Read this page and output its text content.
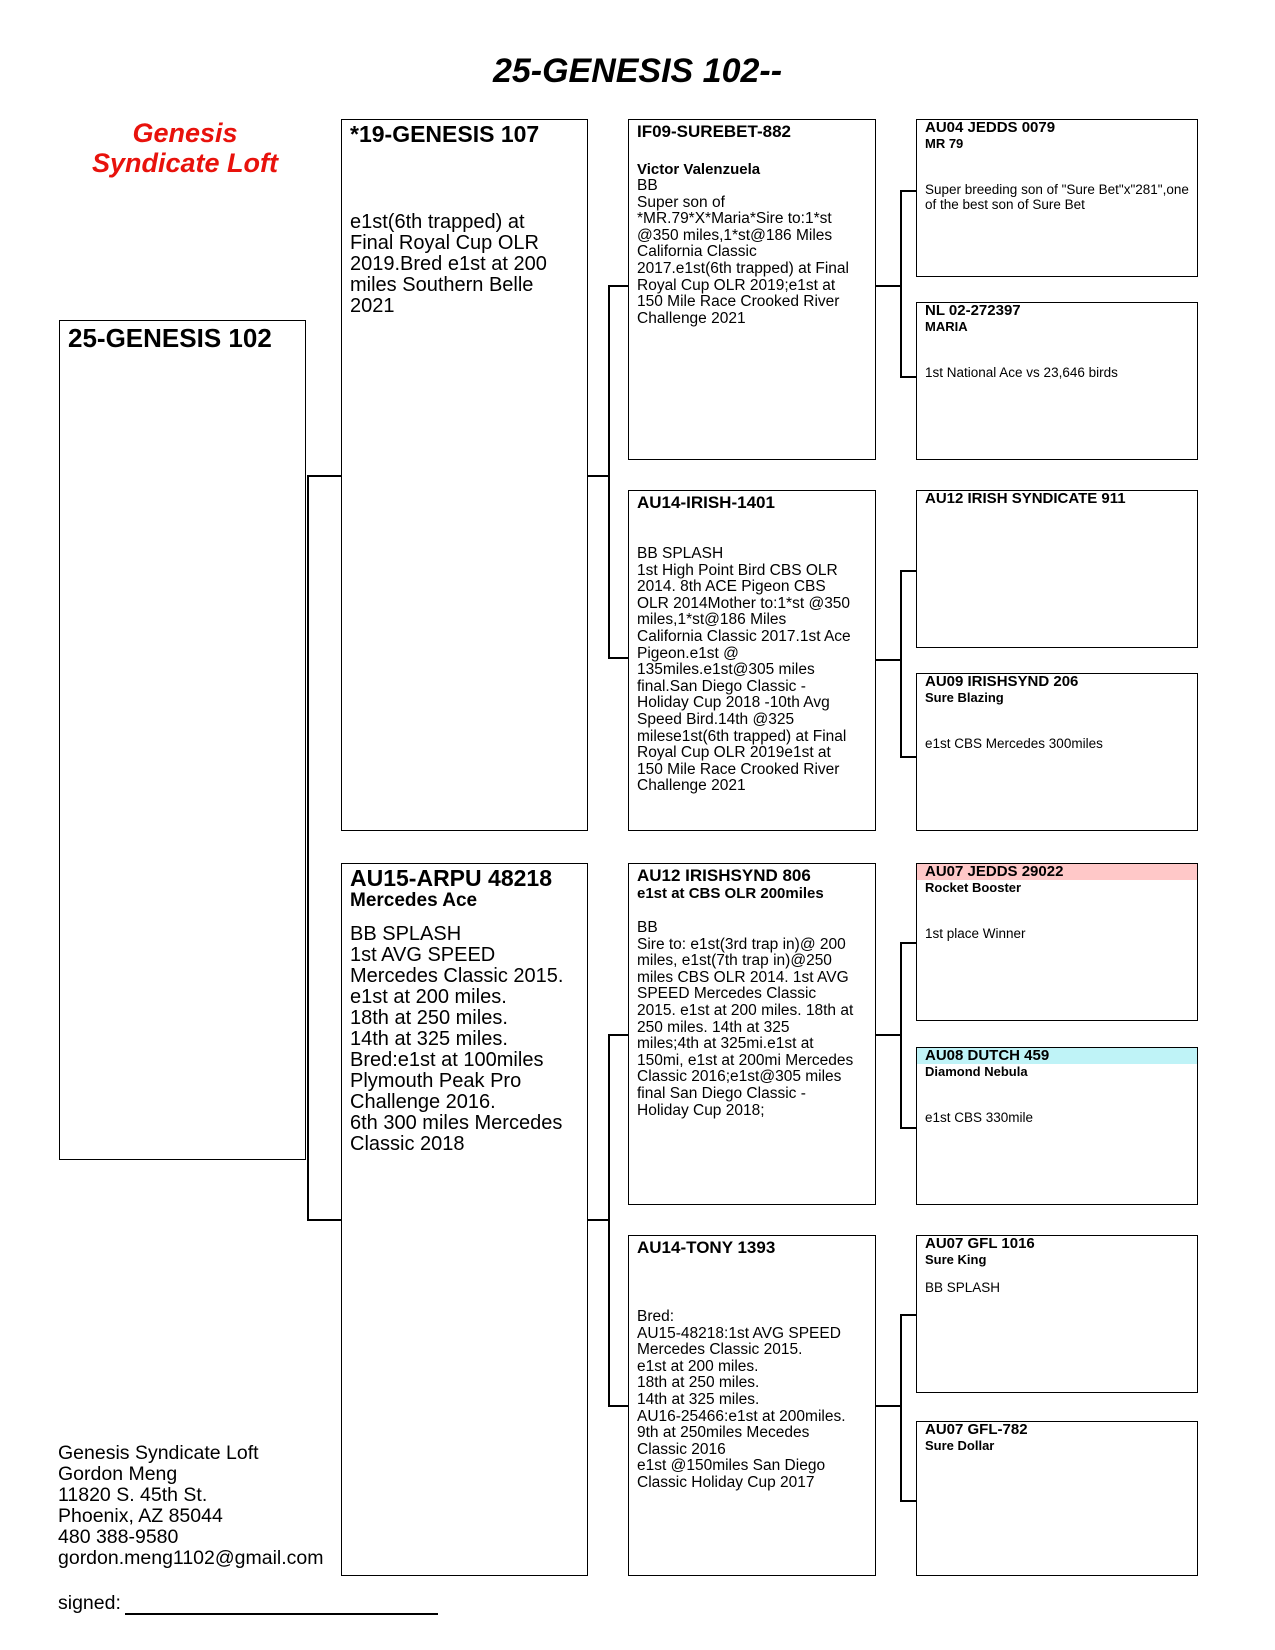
25-GENESIS 102--
Genesis
Syndicate Loft
25-GENESIS 102
*19-GENESIS 107
e1st(6th trapped) at
Final Royal Cup OLR
2019.Bred e1st at 200
miles Southern Belle
2021
AU15-ARPU 48218
Mercedes Ace
BB SPLASH
1st AVG SPEED
Mercedes Classic 2015.
e1st at 200 miles.
18th at 250 miles.
14th at 325 miles.
Bred:e1st at 100miles
Plymouth Peak Pro
Challenge 2016.
6th 300 miles Mercedes
Classic 2018
IF09-SUREBET-882
Victor Valenzuela
BB
Super son of
*MR.79*X*Maria*Sire to:1*st
@350 miles,1*st@186 Miles
California Classic
2017.e1st(6th trapped) at Final
Royal Cup OLR 2019;e1st at
150 Mile Race Crooked River
Challenge 2021
AU14-IRISH-1401
BB SPLASH
1st High Point Bird CBS OLR
2014. 8th ACE Pigeon CBS
OLR 2014Mother to:1*st @350
miles,1*st@186 Miles
California Classic 2017.1st Ace
Pigeon.e1st @
135miles.e1st@305 miles
final.San Diego Classic -
Holiday Cup 2018 -10th Avg
Speed Bird.14th @325
milese1st(6th trapped) at Final
Royal Cup OLR 2019e1st at
150 Mile Race Crooked River
Challenge 2021
AU12 IRISHSYND 806
e1st at CBS OLR 200miles
BB
Sire to: e1st(3rd trap in)@ 200
miles, e1st(7th trap in)@250
miles CBS OLR 2014. 1st AVG
SPEED Mercedes Classic
2015. e1st at 200 miles. 18th at
250 miles. 14th at 325
miles;4th at 325mi.e1st at
150mi, e1st at 200mi Mercedes
Classic 2016;e1st@305 miles
final San Diego Classic -
Holiday Cup 2018;
AU14-TONY 1393
Bred:
AU15-48218:1st AVG SPEED
Mercedes Classic 2015.
e1st at 200 miles.
18th at 250 miles.
14th at 325 miles.
AU16-25466:e1st at 200miles.
9th at 250miles Mecedes
Classic 2016
e1st @150miles San Diego
Classic Holiday Cup 2017
AU04 JEDDS 0079
MR 79
Super breeding son of "Sure Bet"x"281",one of the best son of Sure Bet
NL 02-272397
MARIA
1st National Ace vs 23,646 birds
AU12 IRISH SYNDICATE 911
AU09 IRISHSYND 206
Sure Blazing
e1st CBS Mercedes 300miles
AU07 JEDDS 29022
Rocket Booster
1st place Winner
AU08 DUTCH 459
Diamond Nebula
e1st CBS 330mile
AU07 GFL 1016
Sure King
BB SPLASH
AU07 GFL-782
Sure Dollar
Genesis Syndicate Loft
Gordon Meng
11820 S. 45th St.
Phoenix, AZ 85044
480 388-9580
gordon.meng1102@gmail.com
signed:
